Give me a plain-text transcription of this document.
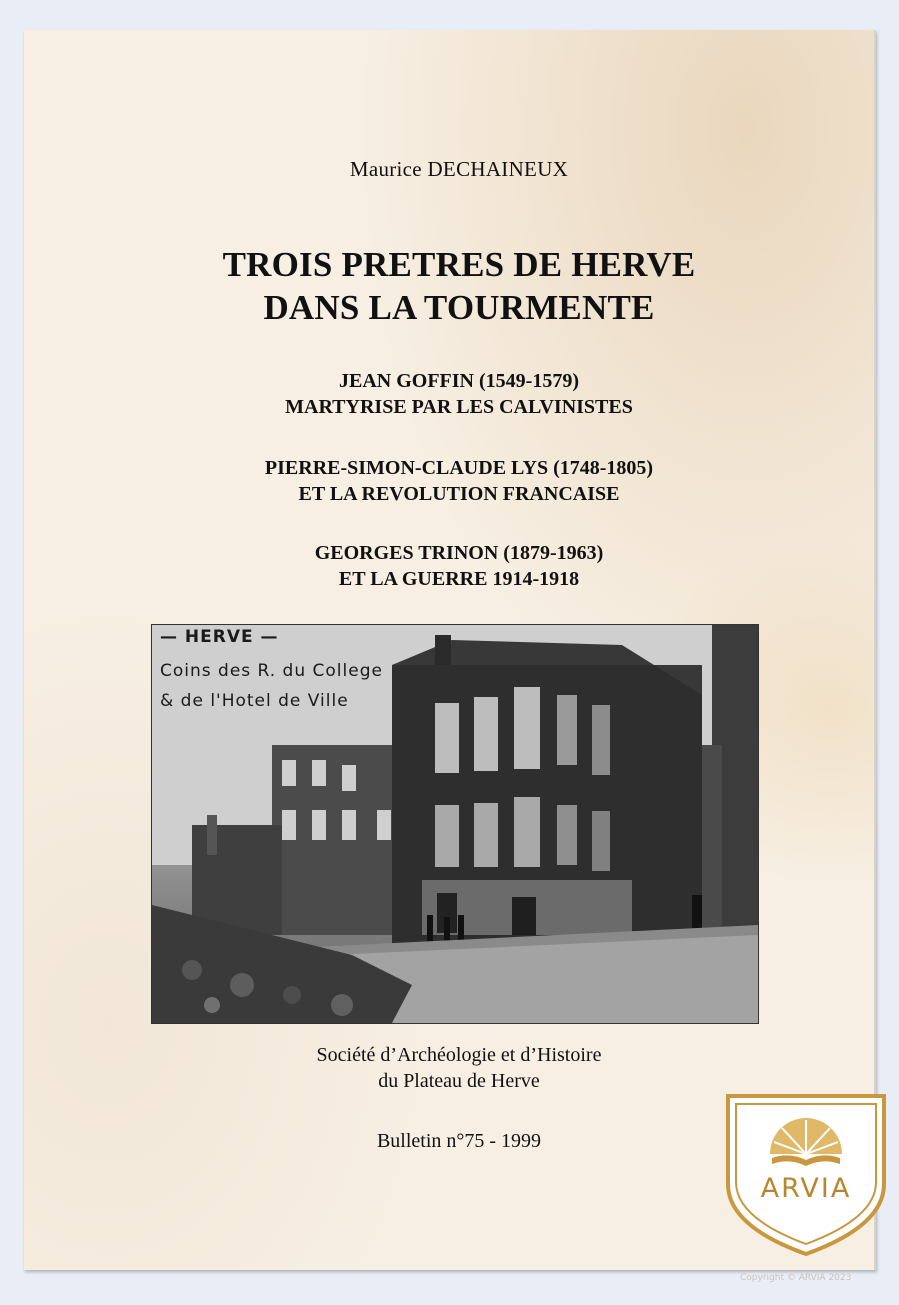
Maurice DECHAINEUX
TROIS PRETRES DE HERVE
DANS LA TOURMENTE
JEAN GOFFIN (1549-1579)
MARTYRISE PAR LES CALVINISTES
PIERRE-SIMON-CLAUDE LYS (1748-1805)
ET LA REVOLUTION FRANCAISE
GEORGES TRINON (1879-1963)
ET LA GUERRE 1914-1918
— HERVE —
Coins des R. du College
& de l'Hotel de Ville
Société d’Archéologie et d’Histoire
du Plateau de Herve
Bulletin n°75 - 1999
ARVIA
Copyright © ARVIA 2023
